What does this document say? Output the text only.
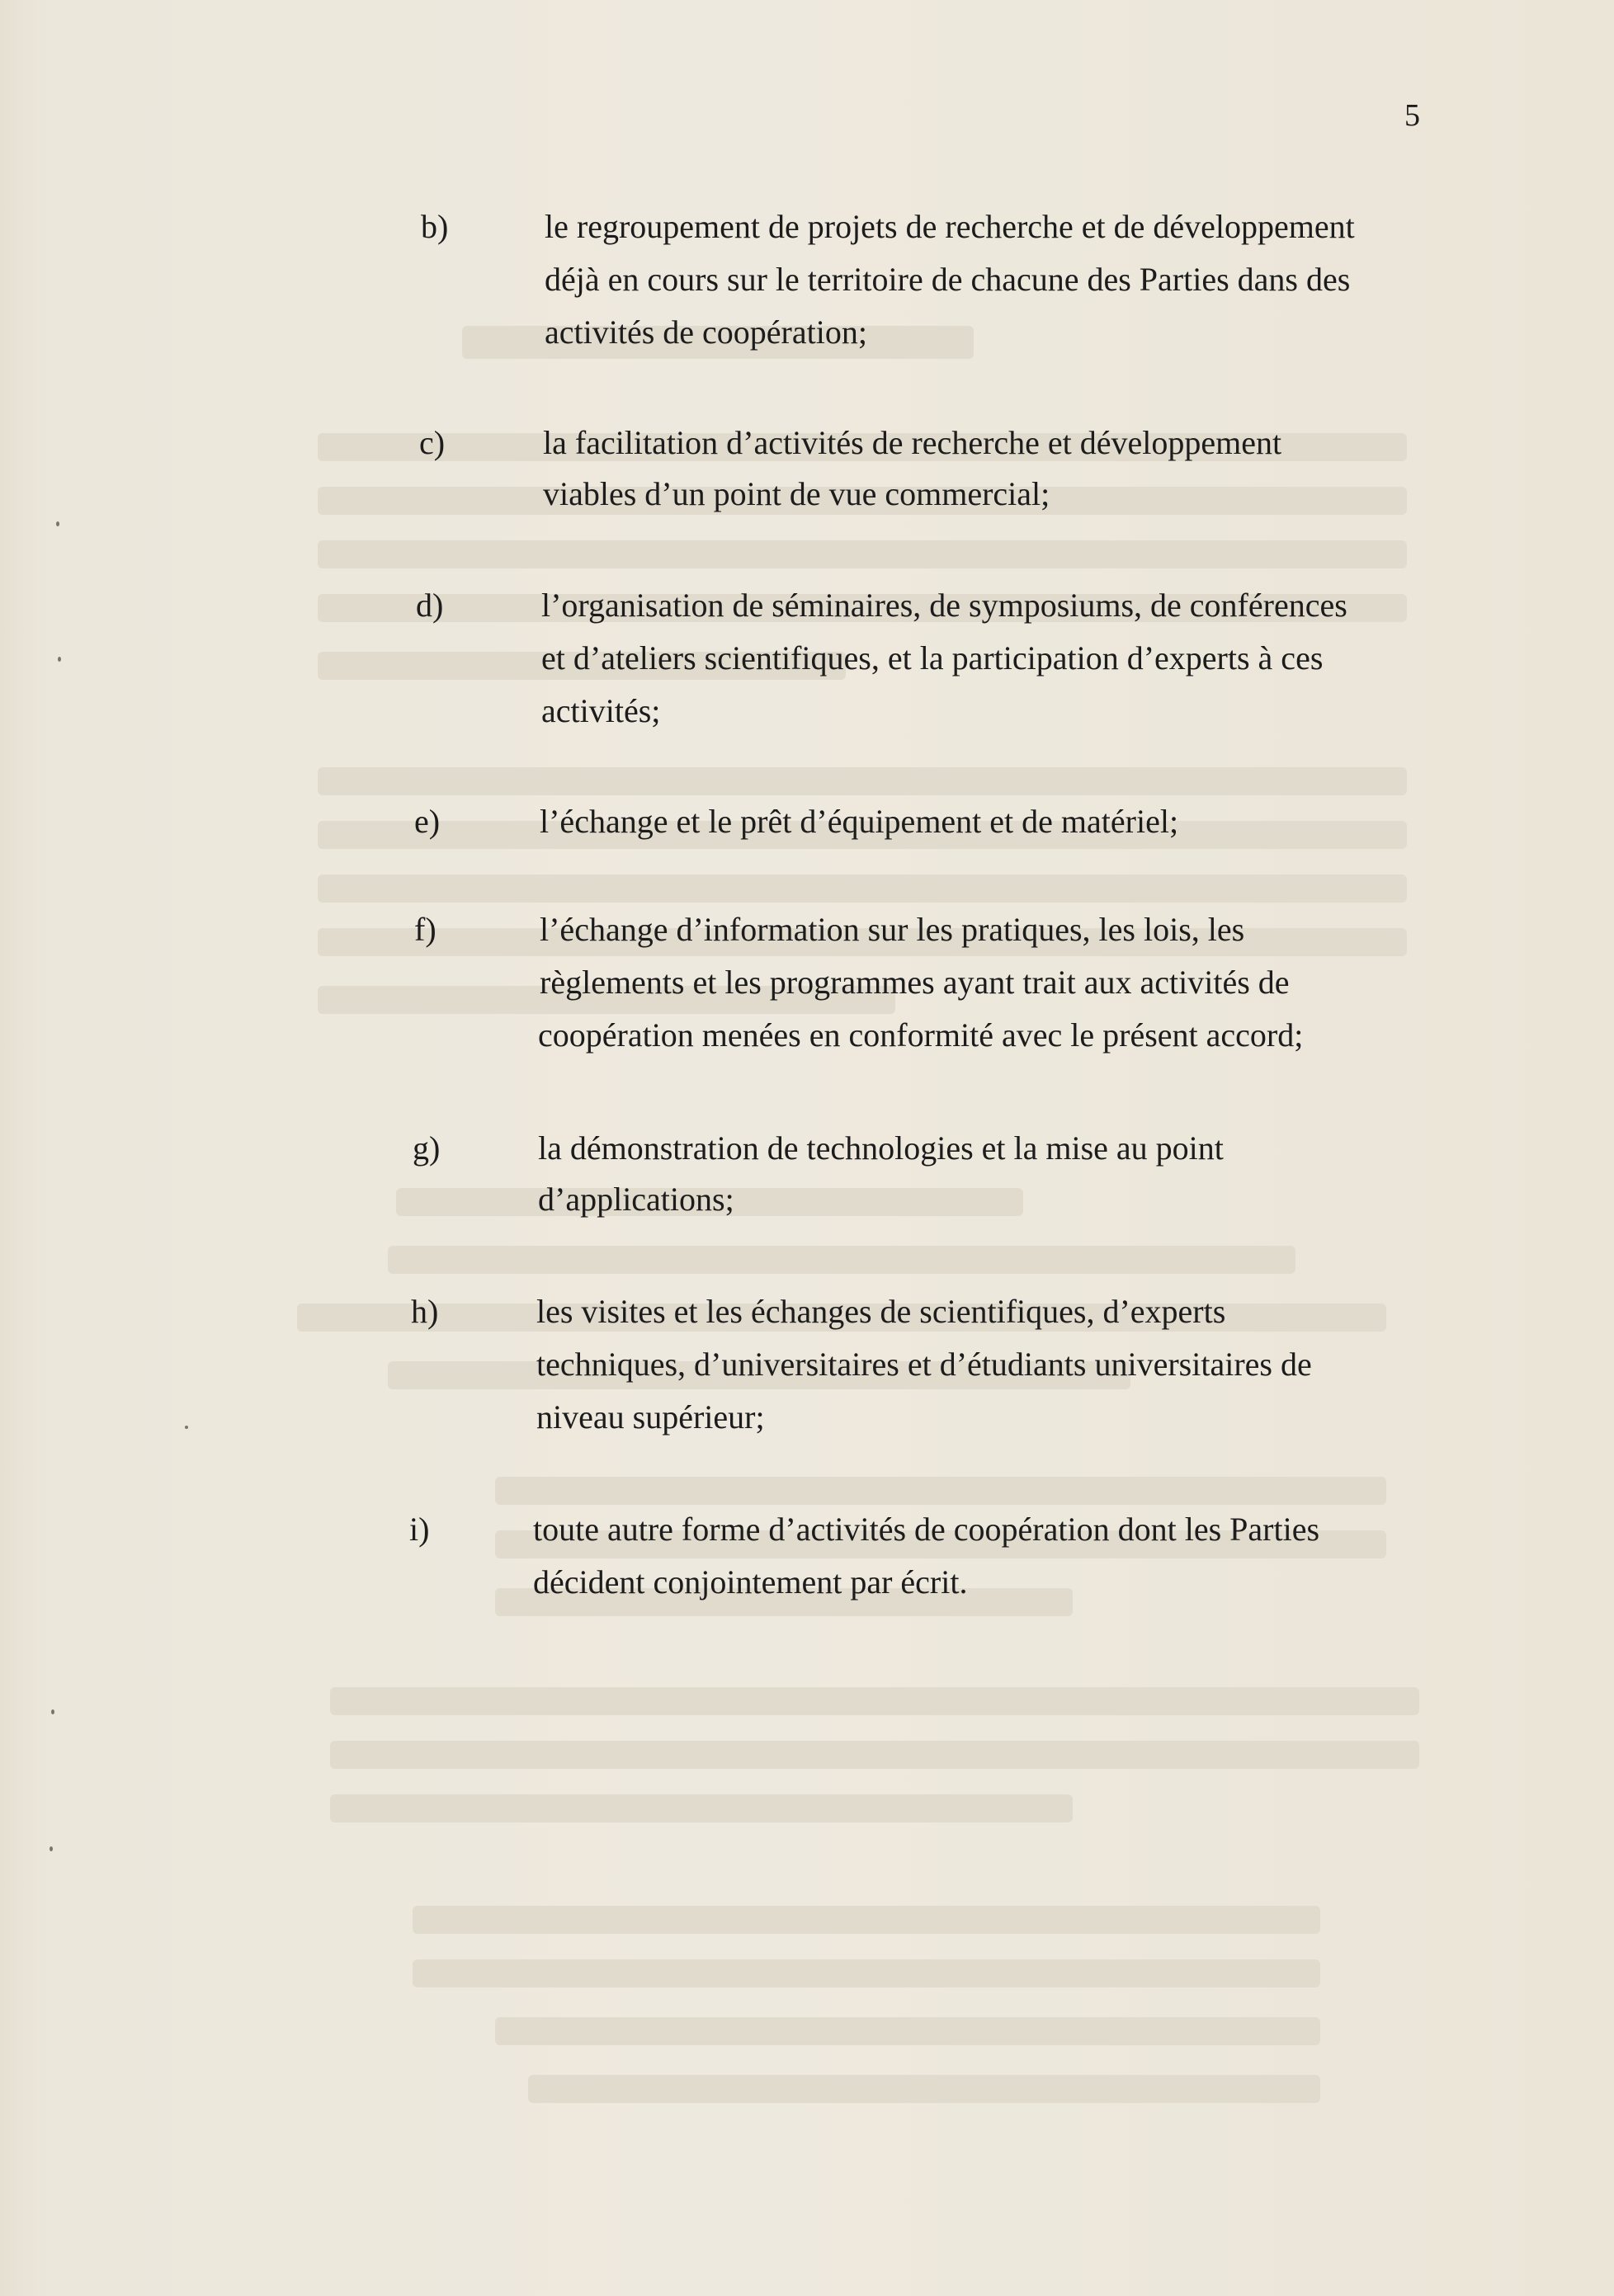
5
b)	le regroupement de projets de recherche et de développement
déjà en cours sur le territoire de chacune des Parties dans des
activités de coopération;
c)	la facilitation d’activités de recherche et développement
viables d’un point de vue commercial;
d)	l’organisation de séminaires, de symposiums, de conférences
et d’ateliers scientifiques, et la participation d’experts à ces
activités;
e)	l’échange et le prêt d’équipement et de matériel;
f)	l’échange d’information sur les pratiques, les lois, les
règlements et les programmes ayant trait aux activités de
coopération menées en conformité avec le présent accord;
g)	la démonstration de technologies et la mise au point
d’applications;
h)	les visites et les échanges de scientifiques, d’experts
techniques, d’universitaires et d’étudiants universitaires de
niveau supérieur;
i)	toute autre forme d’activités de coopération dont les Parties
décident conjointement par écrit.
